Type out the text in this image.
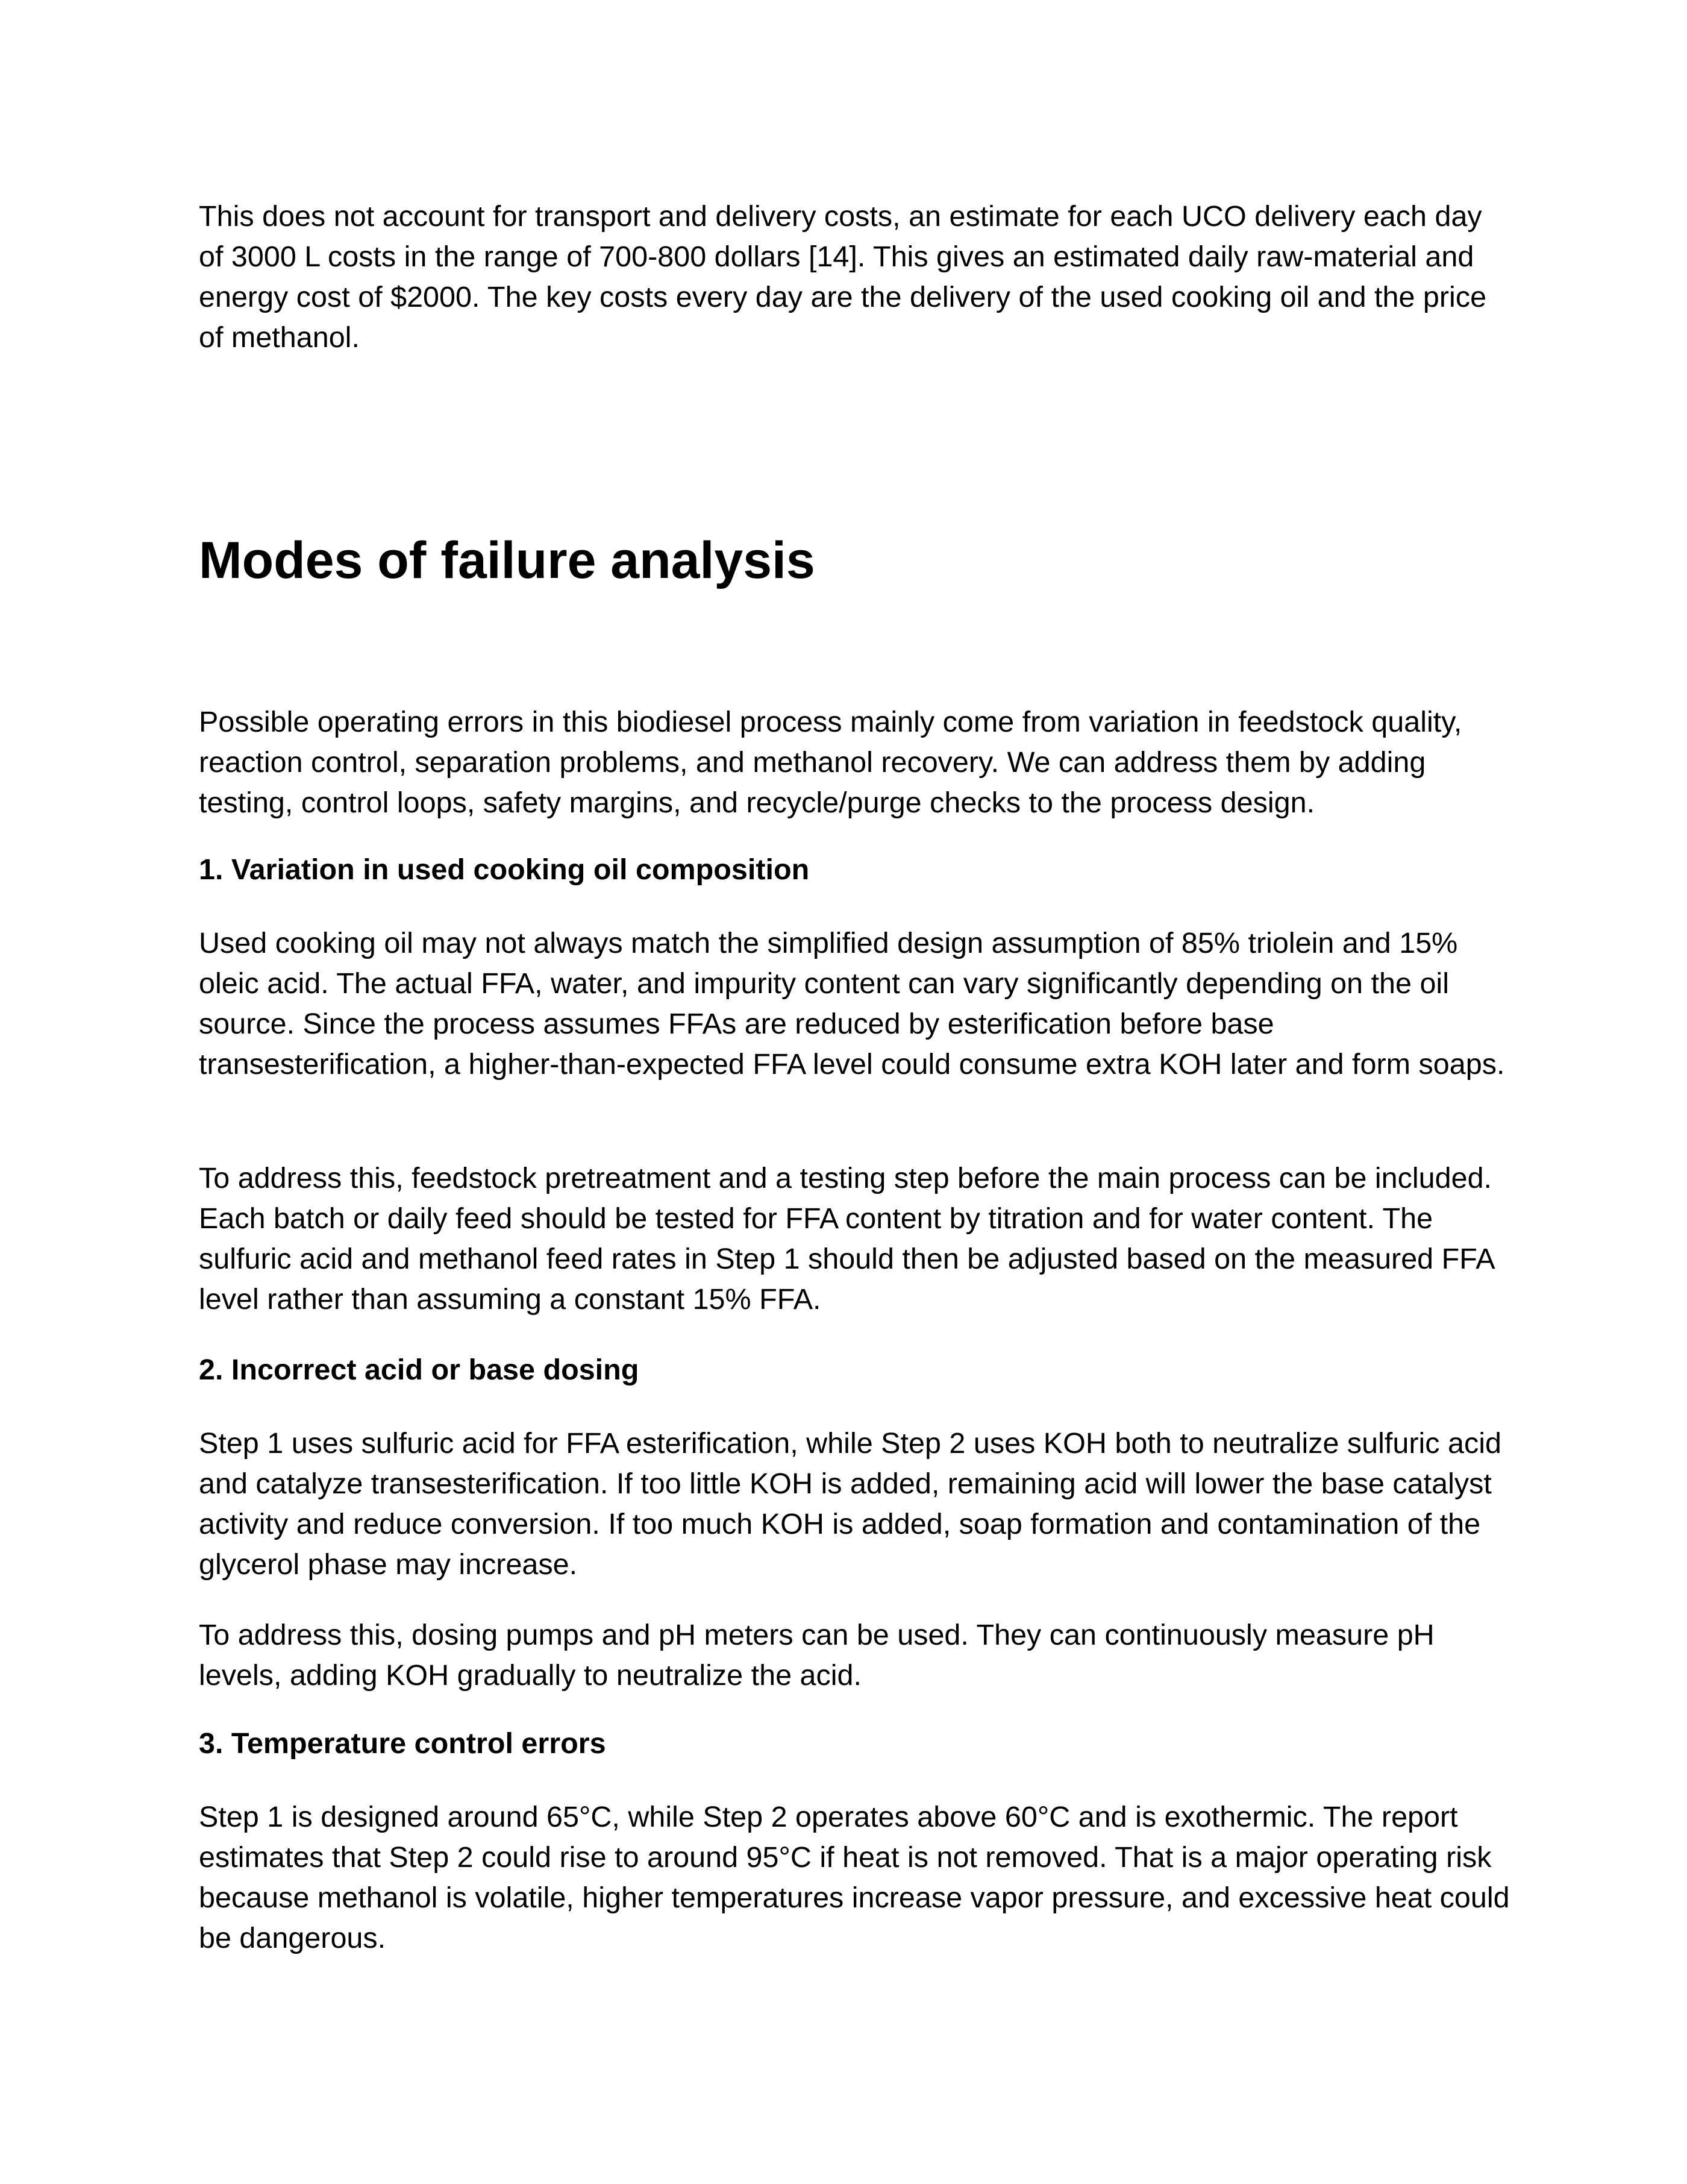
This does not account for transport and delivery costs, an estimate for each UCO delivery each day of 3000 L costs in the range of 700-800 dollars [14]. This gives an estimated daily raw-material and energy cost of $2000. The key costs every day are the delivery of the used cooking oil and the price of methanol.

Modes of failure analysis

Possible operating errors in this biodiesel process mainly come from variation in feedstock quality, reaction control, separation problems, and methanol recovery. We can address them by adding testing, control loops, safety margins, and recycle/purge checks to the process design.

1. Variation in used cooking oil composition

Used cooking oil may not always match the simplified design assumption of 85% triolein and 15% oleic acid. The actual FFA, water, and impurity content can vary significantly depending on the oil source. Since the process assumes FFAs are reduced by esterification before base transesterification, a higher-than-expected FFA level could consume extra KOH later and form soaps.

To address this, feedstock pretreatment and a testing step before the main process can be included. Each batch or daily feed should be tested for FFA content by titration and for water content. The sulfuric acid and methanol feed rates in Step 1 should then be adjusted based on the measured FFA level rather than assuming a constant 15% FFA.

2. Incorrect acid or base dosing

Step 1 uses sulfuric acid for FFA esterification, while Step 2 uses KOH both to neutralize sulfuric acid and catalyze transesterification. If too little KOH is added, remaining acid will lower the base catalyst activity and reduce conversion. If too much KOH is added, soap formation and contamination of the glycerol phase may increase.

To address this, dosing pumps and pH meters can be used. They can continuously measure pH levels, adding KOH gradually to neutralize the acid.

3. Temperature control errors

Step 1 is designed around 65°C, while Step 2 operates above 60°C and is exothermic. The report estimates that Step 2 could rise to around 95°C if heat is not removed. That is a major operating risk because methanol is volatile, higher temperatures increase vapor pressure, and excessive heat could be dangerous.
